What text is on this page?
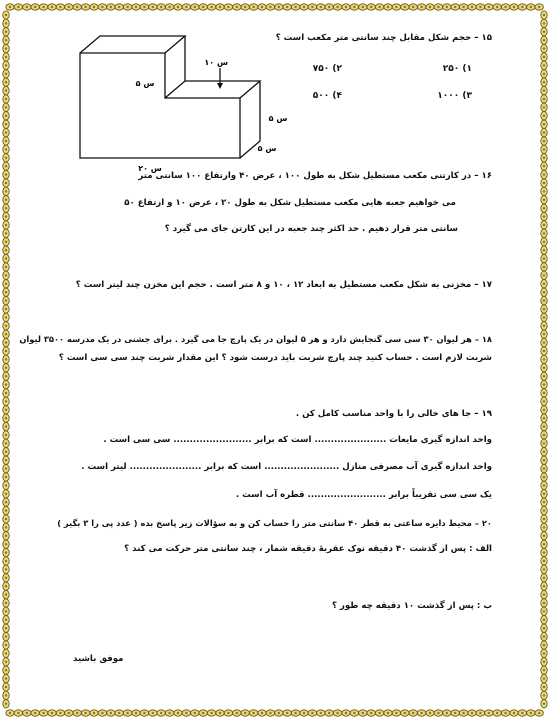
۱۵ – حجم شکل مقابل چند سانتی متر مکعب است ؟
۱۰ س
۵ س
۵ س
۵ س
۲۰ س
۱) ۲۵۰
۲) ۷۵۰
۳) ۱۰۰۰
۴) ۵۰۰
۱۶ – در کارتنی مکعب مستطیل شکل به طول ۱۰۰ ، عرض ۴۰ وارتفاع ۱۰۰ سانتی متر
می خواهیم جعبه هایی مکعب مستطیل شکل به طول ۲۰ ، عرض ۱۰ و ارتفاع ۵۰
سانتی متر قرار دهیم . حد اکثر چند جعبه در این کارتن جای می گیرد ؟
۱۷ – مخزنی به شکل مکعب مستطیل به ابعاد ۱۲ ، ۱۰ و ۸ متر است . حجم این مخزن چند لیتر است ؟
۱۸ – هر لیوان ۳۰ سی سی گنجایش دارد و هر ۵ لیوان در یک پارچ جا می گیرد . برای جشنی در یک مدرسه ۳۵۰۰ لیوان
شربت لازم است . حساب کنید چند پارچ شربت باید درست شود ؟ این مقدار شربت چند سی سی است ؟
۱۹ – جا های خالی را با واحد مناسب کامل کن .
واحد اندازه گیری مایعات ...................... است که برابر ........................ سی سی است .
واحد اندازه گیری آب مصرفی منازل ....................... است که برابر ...................... لیتر است .
یک سی سی تقریباً برابر ........................ قطره آب است .
۲۰ – محیط دایره ساعتی به قطر ۴۰ سانتی متر را حساب کن و به سؤالات زیر پاسخ بده ( عدد پی را ۳ بگیر )
الف : پس از گذشت ۴۰ دقیقه نوک عقربهٔ دقیقه شمار ، چند سانتی متر حرکت می کند ؟
ب : پس از گذشت ۱۰ دقیقه چه طور ؟
موفق باشید
